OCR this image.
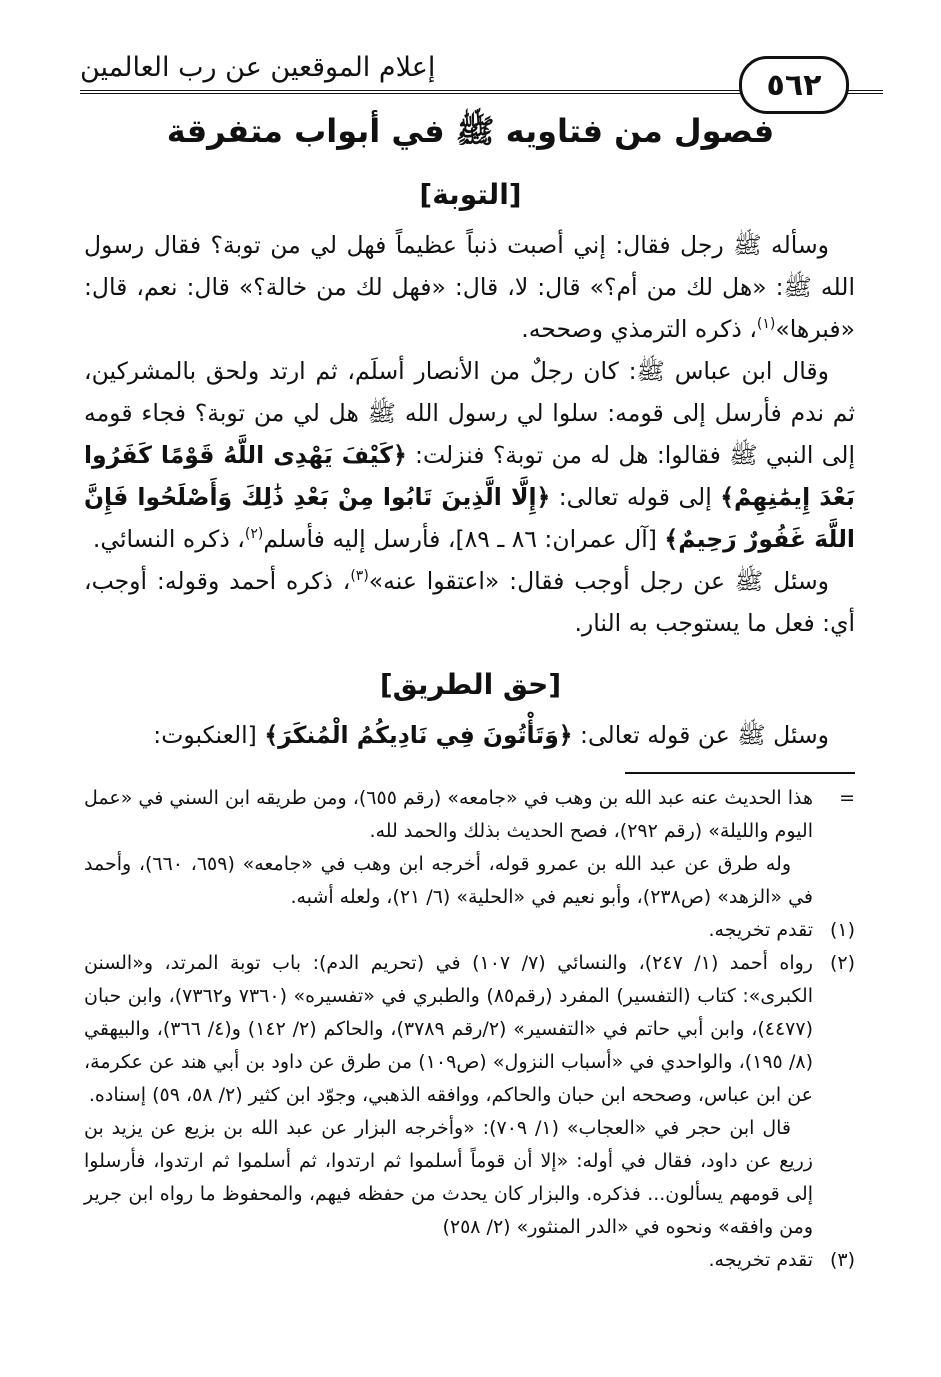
إعلام الموقعين عن رب العالمين	٥٦٢
فصول من فتاويه ﷺ في أبواب متفرقة
[التوبة]

وسأله ﷺ رجل فقال: إني أصبت ذنباً عظيماً فهل لي من توبة؟ فقال رسول الله ﷺ: «هل لك من أم؟» قال: لا، قال: «فهل لك من خالة؟» قال: نعم، قال: «فبرها»$^{(١)}$، ذكره الترمذي وصححه.

وقال ابن عباس ﷺ: كان رجلٌ من الأنصار أسلَم، ثم ارتد ولحق بالمشركين، ثم ندم فأرسل إلى قومه: سلوا لي رسول الله ﷺ هل لي من توبة؟ فجاء قومه إلى النبي ﷺ فقالوا: هل له من توبة؟ فنزلت: ﴿كَيْفَ يَهْدِى اللَّهُ قَوْمًا كَفَرُوا بَعْدَ إِيمَٰنِهِمْ﴾ إلى قوله تعالى: ﴿إِلَّا الَّذِينَ تَابُوا مِنْ بَعْدِ ذَٰلِكَ وَأَصْلَحُوا فَإِنَّ اللَّهَ غَفُورٌ رَحِيمٌ﴾ [آل عمران: ٨٦ ـ ٨٩]، فأرسل إليه فأسلم$^{(٢)}$، ذكره النسائي.

وسئل ﷺ عن رجل أوجب فقال: «اعتقوا عنه»$^{(٣)}$، ذكره أحمد وقوله: أوجب، أي: فعل ما يستوجب به النار.

[حق الطريق]

وسئل ﷺ عن قوله تعالى: ﴿وَتَأْتُونَ فِي نَادِيكُمُ الْمُنكَرَ﴾ [العنكبوت:

=

هذا الحديث عنه عبد الله بن وهب في «جامعه» (رقم ٦٥٥)، ومن طريقه ابن السني في «عمل اليوم والليلة» (رقم ٢٩٢)، فصح الحديث بذلك والحمد لله.

وله طرق عن عبد الله بن عمرو قوله، أخرجه ابن وهب في «جامعه» (٦٥٩، ٦٦٠)، وأحمد في «الزهد» (ص٢٣٨)، وأبو نعيم في «الحلية» (٦/ ٢١)، ولعله أشبه.

(١)

تقدم تخريجه.

(٢)

رواه أحمد (١/ ٢٤٧)، والنسائي (٧/ ١٠٧) في (تحريم الدم): باب توبة المرتد، و«السنن الكبرى»: كتاب (التفسير) المفرد (رقم٨٥) والطبري في «تفسيره» (٧٣٦٠ و٧٣٦٢)، وابن حبان (٤٤٧٧)، وابن أبي حاتم في «التفسير» (٢/رقم ٣٧٨٩)، والحاكم (٢/ ١٤٢) و(٤/ ٣٦٦)، والبيهقي (٨/ ١٩٥)، والواحدي في «أسباب النزول» (ص١٠٩) من طرق عن داود بن أبي هند عن عكرمة، عن ابن عباس، وصححه ابن حبان والحاكم، ووافقه الذهبي، وجوّد ابن كثير (٢/ ٥٨، ٥٩) إسناده.

قال ابن حجر في «العجاب» (١/ ٧٠٩): «وأخرجه البزار عن عبد الله بن بزيع عن يزيد بن زريع عن داود، فقال في أوله: «إلا أن قوماً أسلموا ثم ارتدوا، ثم أسلموا ثم ارتدوا، فأرسلوا إلى قومهم يسألون... فذكره. والبزار كان يحدث من حفظه فيهم، والمحفوظ ما رواه ابن جرير ومن وافقه» ونحوه في «الدر المنثور» (٢/ ٢٥٨)

(٣)

تقدم تخريجه.
